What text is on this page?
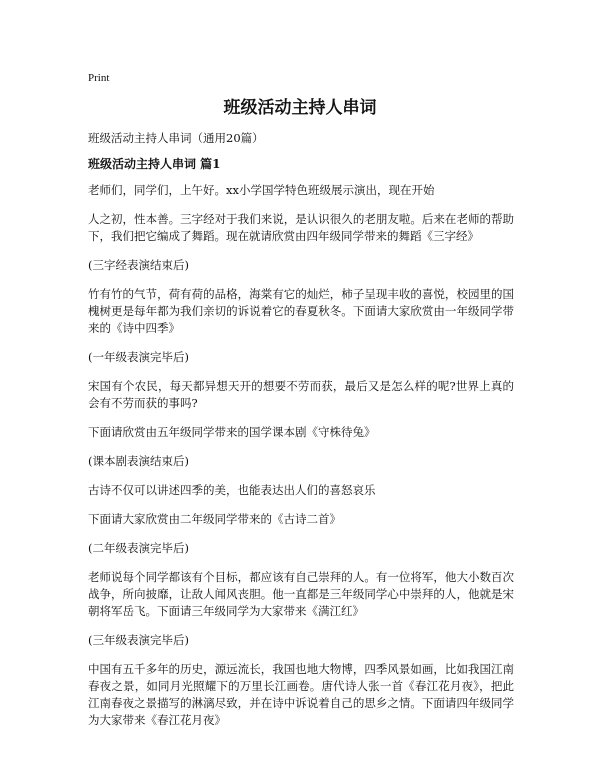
Print
班级活动主持人串词
班级活动主持人串词（通用20篇）
班级活动主持人串词 篇1

老师们，同学们，上午好。xx小学国学特色班级展示演出，现在开始

人之初，性本善。三字经对于我们来说，是认识很久的老朋友啦。后来在老师的帮助下，我们把它编成了舞蹈。现在就请欣赏由四年级同学带来的舞蹈《三字经》

(三字经表演结束后)

竹有竹的气节，荷有荷的品格，海棠有它的灿烂，柿子呈现丰收的喜悦，校园里的国槐树更是每年都为我们亲切的诉说着它的春夏秋冬。下面请大家欣赏由一年级同学带来的《诗中四季》

(一年级表演完毕后)

宋国有个农民，每天都异想天开的想要不劳而获，最后又是怎么样的呢?世界上真的会有不劳而获的事吗?

下面请欣赏由五年级同学带来的国学课本剧《守株待兔》

(课本剧表演结束后)

古诗不仅可以讲述四季的美，也能表达出人们的喜怒哀乐

下面请大家欣赏由二年级同学带来的《古诗二首》

(二年级表演完毕后)

老师说每个同学都该有个目标，都应该有自己崇拜的人。有一位将军，他大小数百次战争，所向披靡，让敌人闻风丧胆。他一直都是三年级同学心中崇拜的人，他就是宋朝将军岳飞。下面请三年级同学为大家带来《满江红》

(三年级表演完毕后)

中国有五千多年的历史，源远流长，我国也地大物博，四季风景如画，比如我国江南春夜之景，如同月光照耀下的万里长江画卷。唐代诗人张一首《春江花月夜》，把此江南春夜之景描写的淋漓尽致，并在诗中诉说着自己的思乡之情。下面请四年级同学为大家带来《春江花月夜》
